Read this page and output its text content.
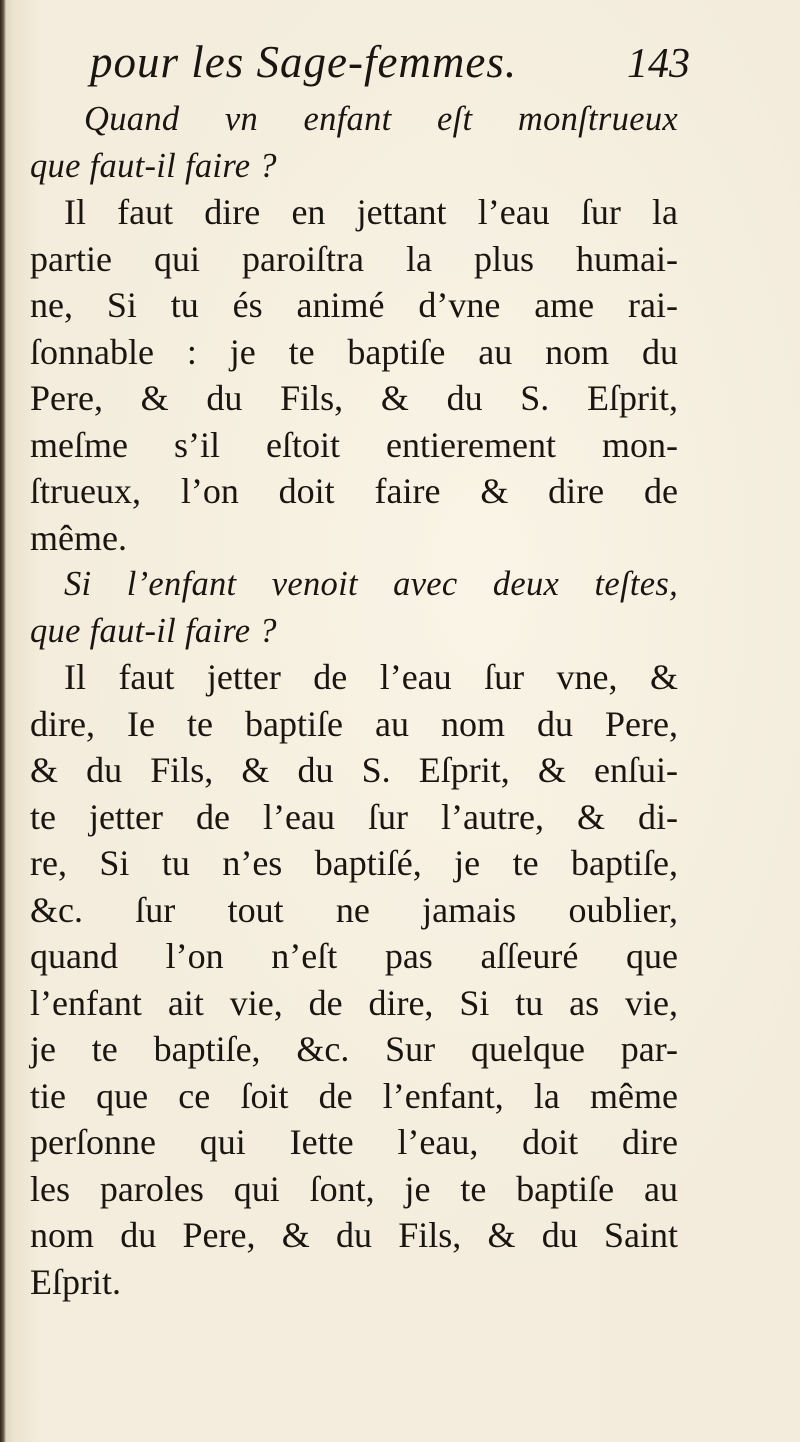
pour les Sage-femmes.	143
Quand vn enfant eſt monſtrueux
que faut-il faire ?
Il faut dire en jettant l’eau ſur la
partie qui paroiſtra la plus humai-
ne, Si tu és animé d’vne ame rai-
ſonnable : je te baptiſe au nom du
Pere, & du Fils, & du S. Eſprit,
meſme s’il eſtoit entierement mon-
ſtrueux, l’on doit faire & dire de
même.
Si l’enfant venoit avec deux teſtes,
que faut-il faire ?
Il faut jetter de l’eau ſur vne, &
dire, Ie te baptiſe au nom du Pere,
& du Fils, & du S. Eſprit, & enſui-
te jetter de l’eau ſur l’autre, & di-
re, Si tu n’es baptiſé, je te baptiſe,
&c. ſur tout ne jamais oublier,
quand l’on n’eſt pas aſſeuré que
l’enfant ait vie, de dire, Si tu as vie,
je te baptiſe, &c. Sur quelque par-
tie que ce ſoit de l’enfant, la même
perſonne qui Iette l’eau, doit dire
les paroles qui ſont, je te baptiſe au
nom du Pere, & du Fils, & du Saint
Eſprit.
